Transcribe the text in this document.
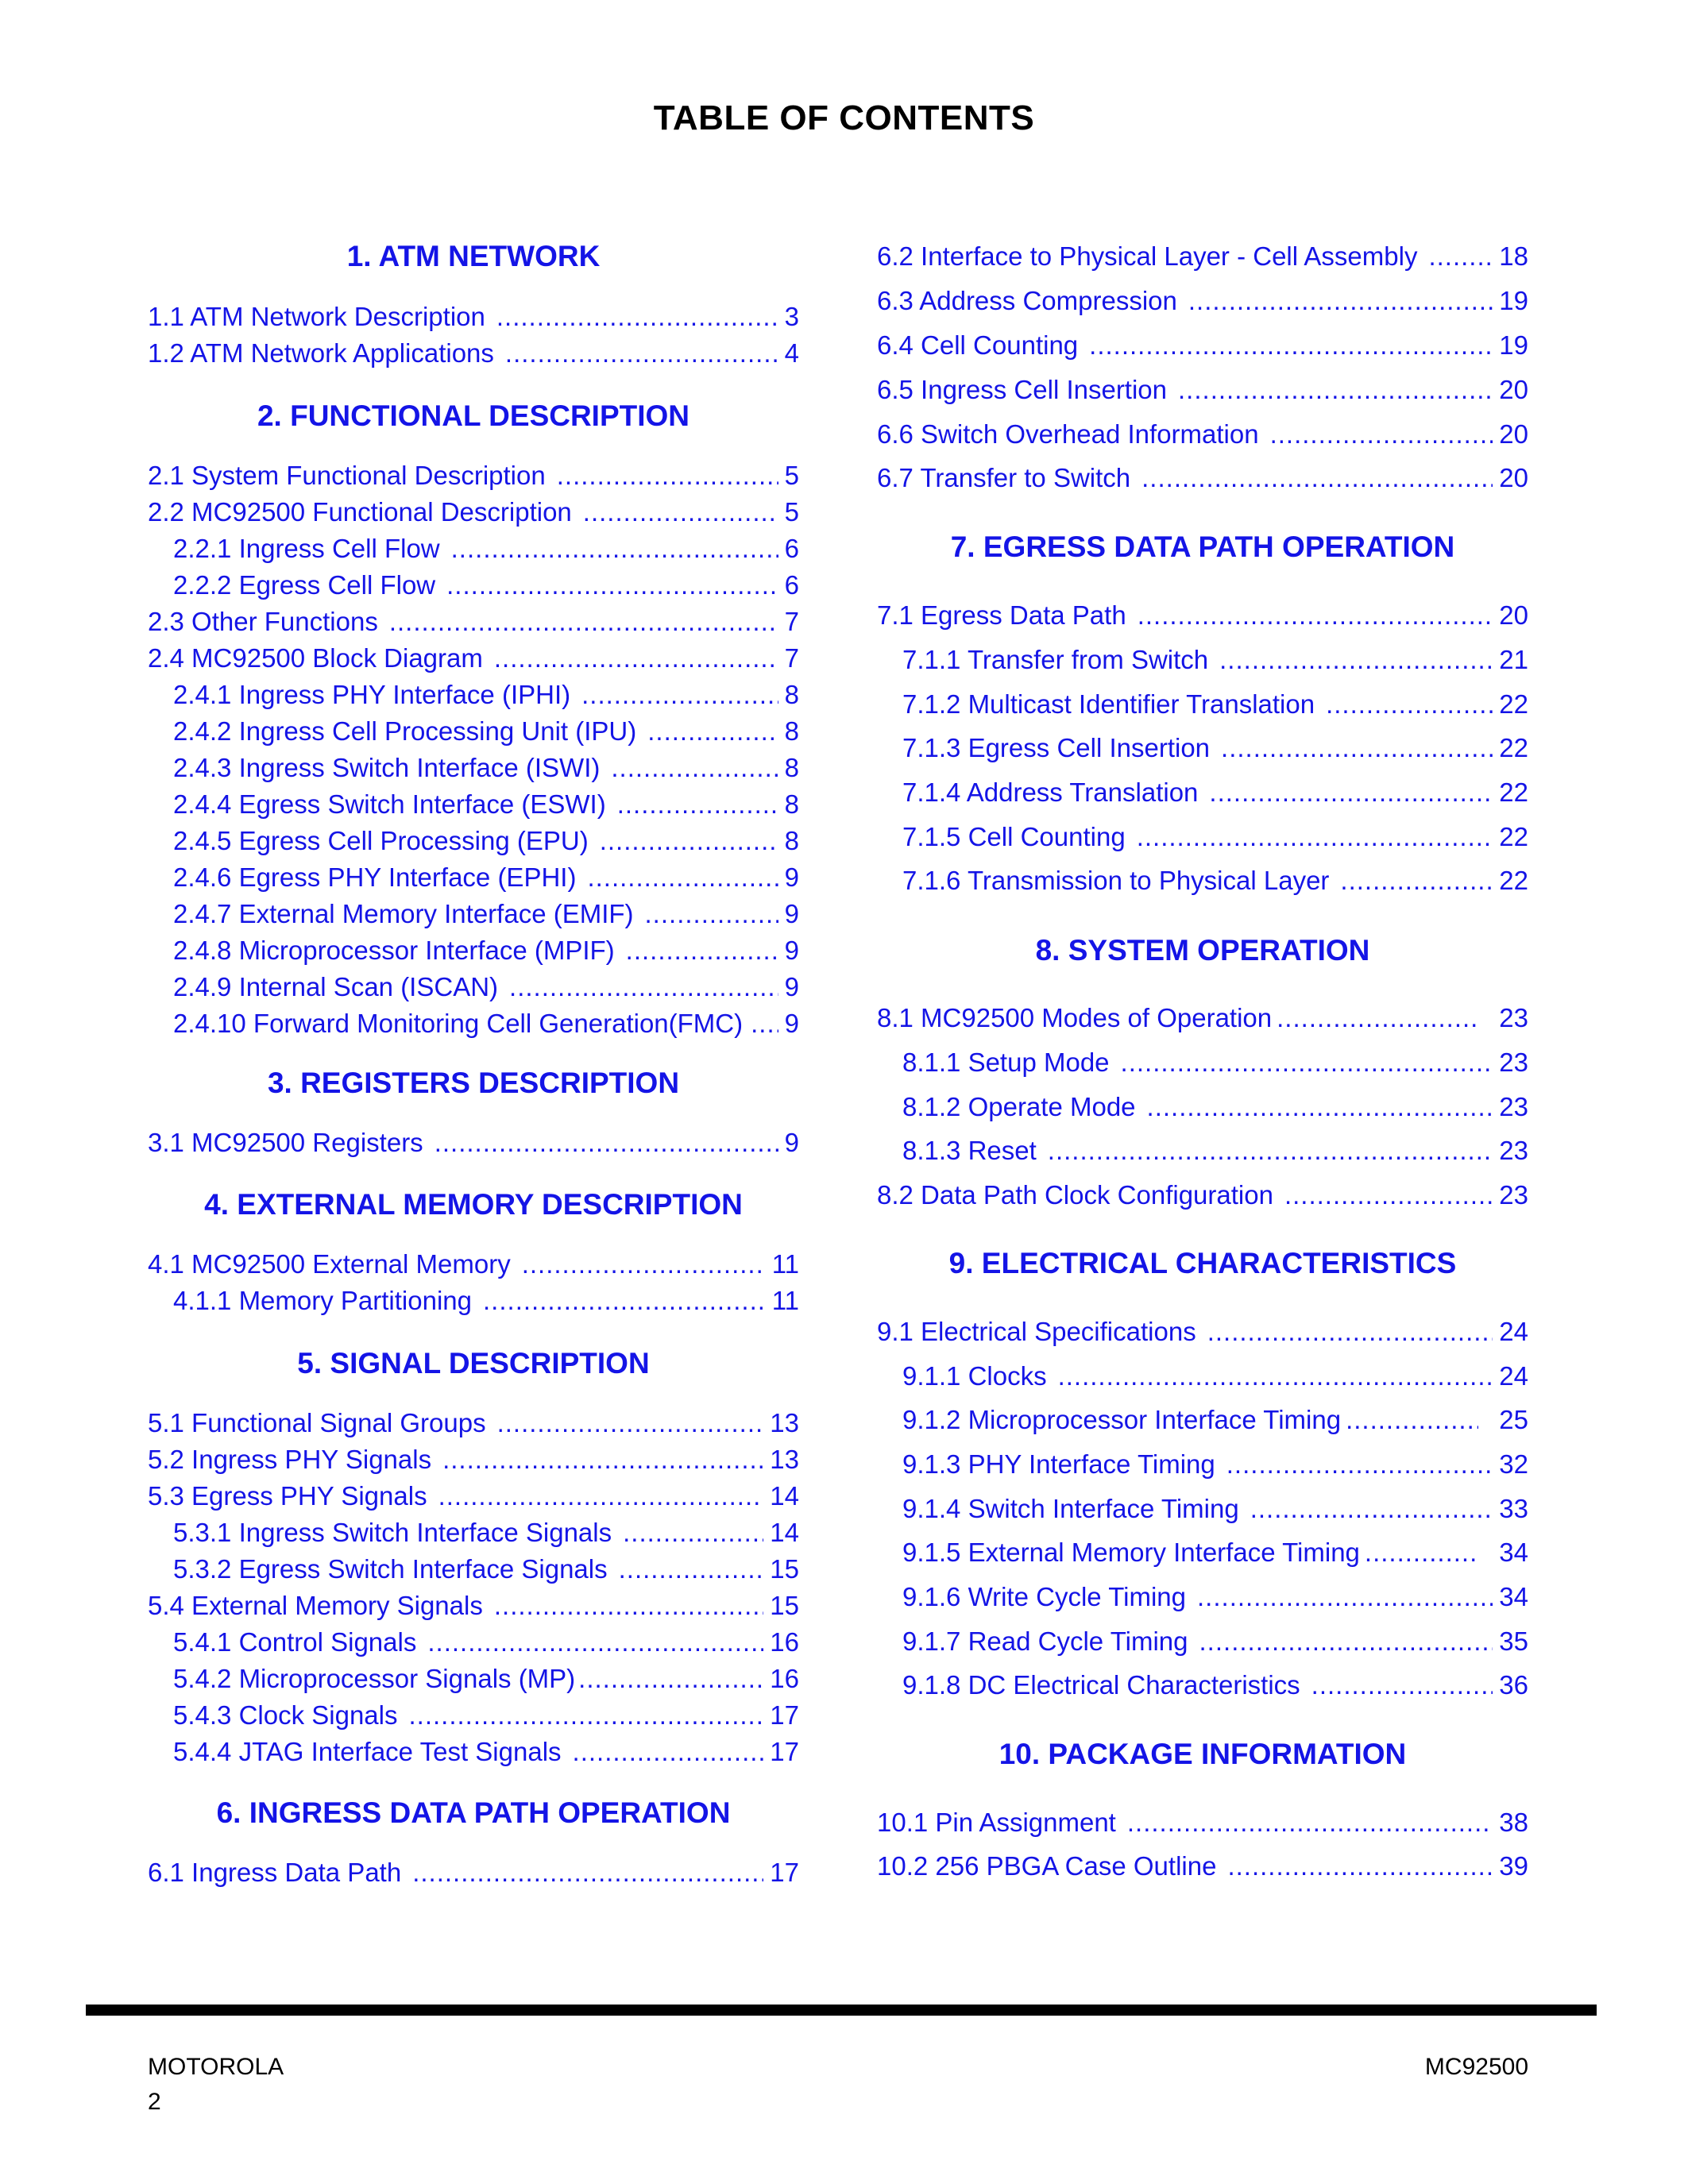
TABLE OF CONTENTS
1. ATM NETWORK
1.1 ATM Network Description .....	3
1.2 ATM Network Applications .....	4
2. FUNCTIONAL DESCRIPTION
2.1 System Functional Description .....	5
2.2 MC92500 Functional Description .....	5
2.2.1 Ingress Cell Flow .....	6
2.2.2 Egress Cell Flow .....	6
2.3 Other Functions .....	7
2.4 MC92500 Block Diagram .....	7
2.4.1 Ingress PHY Interface (IPHI) .....	8
2.4.2 Ingress Cell Processing Unit (IPU) .....	8
2.4.3 Ingress Switch Interface (ISWI) .....	8
2.4.4 Egress Switch Interface (ESWI) .....	8
2.4.5 Egress Cell Processing (EPU) .....	8
2.4.6 Egress PHY Interface (EPHI) .....	9
2.4.7 External Memory Interface (EMIF) .....	9
2.4.8 Microprocessor Interface (MPIF) .....	9
2.4.9 Internal Scan (ISCAN) .....	9
2.4.10 Forward Monitoring Cell Generation(FMC) ..... 9
3. REGISTERS DESCRIPTION
3.1 MC92500 Registers .....	9
4. EXTERNAL MEMORY DESCRIPTION
4.1 MC92500 External Memory .....	11
4.1.1 Memory Partitioning .....	11
5. SIGNAL DESCRIPTION
5.1 Functional Signal Groups .....	13
5.2 Ingress PHY Signals .....	13
5.3 Egress PHY Signals .....	14
5.3.1 Ingress Switch Interface Signals .....	14
5.3.2 Egress Switch Interface Signals .....	15
5.4 External Memory Signals .....	15
5.4.1 Control Signals .....	16
5.4.2 Microprocessor Signals (MP) .....	16
5.4.3 Clock Signals .....	17
5.4.4 JTAG Interface Test Signals .....	17
6. INGRESS DATA PATH OPERATION
6.1 Ingress Data Path .....	17
6.2 Interface to Physical Layer - Cell Assembly .....	18
6.3 Address Compression .....	19
6.4 Cell Counting .....	19
6.5 Ingress Cell Insertion .....	20
6.6 Switch Overhead Information .....	20
6.7 Transfer to Switch .....	20
7. EGRESS DATA PATH OPERATION
7.1 Egress Data Path .....	20
7.1.1 Transfer from Switch .....	21
7.1.2 Multicast Identifier Translation .....	22
7.1.3 Egress Cell Insertion .....	22
7.1.4 Address Translation .....	22
7.1.5 Cell Counting .....	22
7.1.6 Transmission to Physical Layer .....	22
8. SYSTEM OPERATION
8.1 MC92500 Modes of Operation .....	23
8.1.1 Setup Mode .....	23
8.1.2 Operate Mode .....	23
8.1.3 Reset .....	23
8.2 Data Path Clock Configuration .....	23
9. ELECTRICAL CHARACTERISTICS
9.1 Electrical Specifications .....	24
9.1.1 Clocks .....	24
9.1.2 Microprocessor Interface Timing .....	25
9.1.3 PHY Interface Timing .....	32
9.1.4 Switch Interface Timing .....	33
9.1.5 External Memory Interface Timing .....	34
9.1.6 Write Cycle Timing .....	34
9.1.7 Read Cycle Timing .....	35
9.1.8 DC Electrical Characteristics .....	36
10. PACKAGE INFORMATION
10.1 Pin Assignment .....	38
10.2 256 PBGA Case Outline .....	39
MOTOROLA	MC92500
2
